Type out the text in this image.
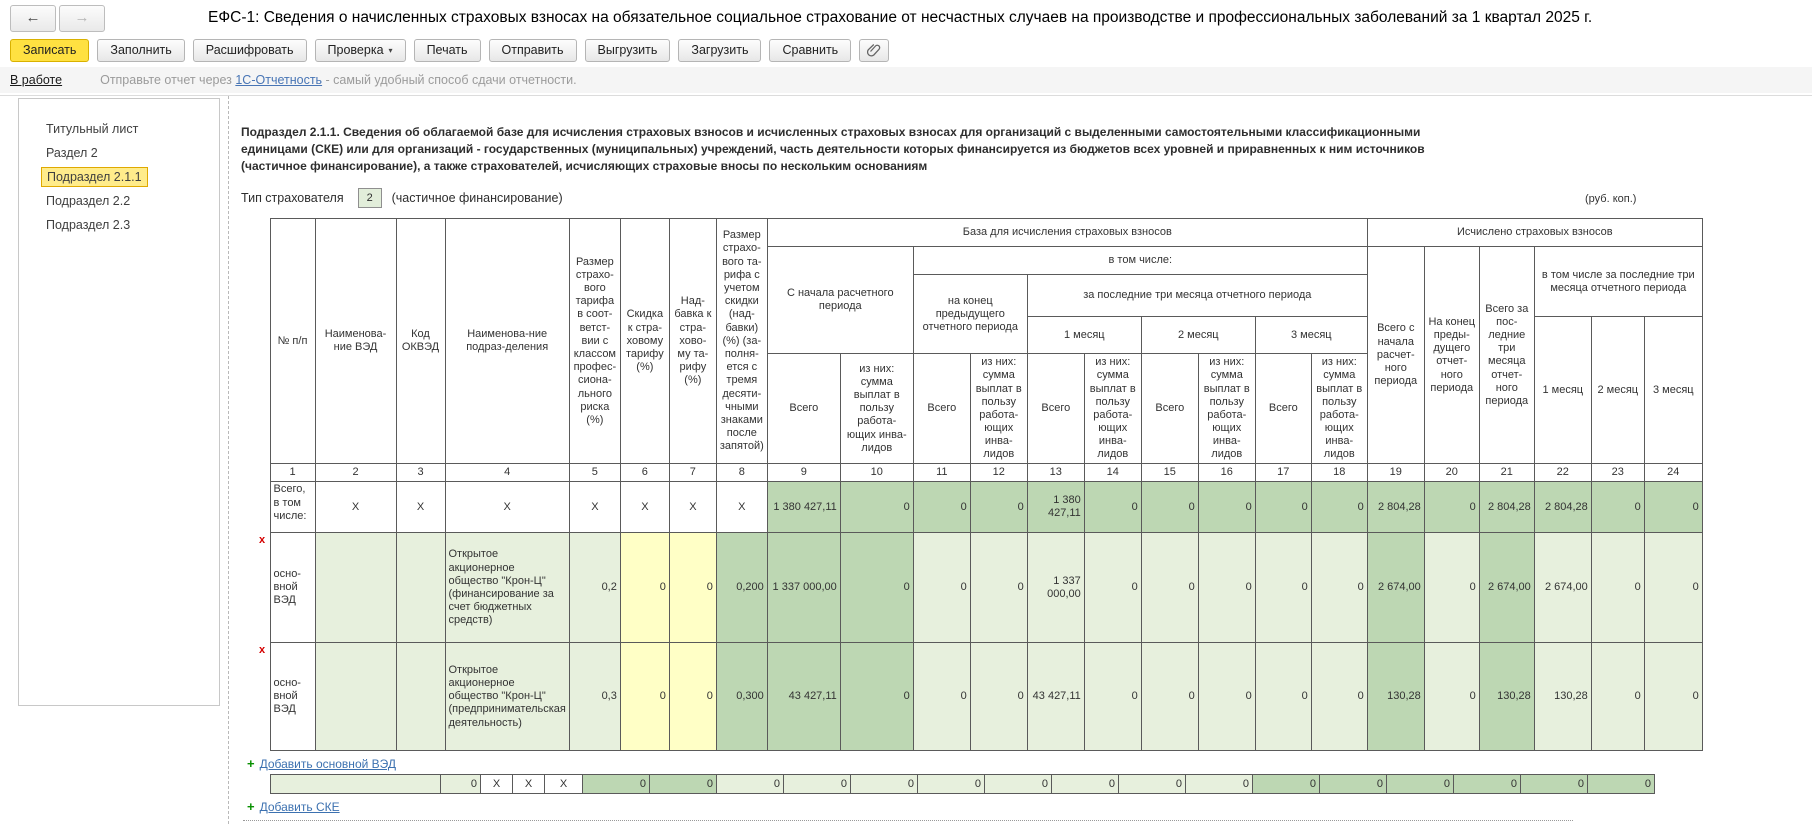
←	→	ЕФС-1: Сведения о начисленных страховых взносах на обязательное социальное страхование от несчастных случаев на производстве и профессиональных заболеваний за 1 квартал 2025 г.
Записать	Заполнить	Расшифровать	Проверка ▾	Печать	Отправить	Выгрузить	Загрузить	Сравнить
В работе	Отправьте отчет через 1С-Отчетность - самый удобный способ сдачи отчетности.
Титульный лист
Раздел 2
Подраздел 2.1.1
Подраздел 2.2
Подраздел 2.3
Подраздел 2.1.1. Сведения об облагаемой базе для исчисления страховых взносов и исчисленных страховых взносах для организаций с выделенными самостоятельными классификационными единицами (СКЕ) или для организаций - государственных (муниципальных) учреждений, часть деятельности которых финансируется из бюджетов всех уровней и приравненных к ним источников (частичное финансирование), а также страхователей, исчисляющих страховые вносы по нескольким основаниям
Тип страхователя	2	(частичное финансирование)	(руб. коп.)
	№ п/п	Наименова-ние ВЭД	Код ОКВЭД	Наименова-ние подраз-деления	Размер страхо-вого тарифа в соот-ветст-вии с классом профес-сиона-льного риска (%)	Скидка к стра-ховому тарифу (%)	Над-бавка к стра-хово-му та-рифу (%)	Размер страхо-вого та-рифа с учетом скидки (над-бавки) (%) (за-полня-ется с тремя десяти-чными знаками после запятой)	База для исчисления страховых взносов										Исчислено страховых взносов					
									С начала расчетного периода		в том числе:								Всего с начала расчет-ного периода	На конец преды-дущего отчет-ного периода	Всего за пос-ледние три месяца отчет-ного периода	в том числе за последние три месяца отчетного периода		
											на конец предыдущего отчетного периода		за последние три месяца отчетного периода											
													1 месяц		2 месяц		3 месяц					1 месяц	2 месяц	3 месяц
									Всего	из них: сумма выплат в пользу работа-ющих инва-лидов	Всего	из них: сумма выплат в пользу работа-ющих инва-лидов	Всего	из них: сумма выплат в пользу работа-ющих инва-лидов	Всего	из них: сумма выплат в пользу работа-ющих инва-лидов	Всего	из них: сумма выплат в пользу работа-ющих инва-лидов						
	1	2	3	4	5	6	7	8	9	10	11	12	13	14	15	16	17	18	19	20	21	22	23	24
	Всего, в том числе:	Х	Х	Х	Х	Х	Х	Х	1 380 427,11	0	0	0	1 380 427,11	0	0	0	0	0	2 804,28	0	2 804,28	2 804,28	0	0
x	осно-вной ВЭД			Открытое акционерное общество "Крон-Ц"(финансирование за счет бюджетных средств)	0,2	0	0	0,200	1 337 000,00	0	0	0	1 337 000,00	0	0	0	0	0	2 674,00	0	2 674,00	2 674,00	0	0
x	осно-вной ВЭД			Открытое акционерное общество "Крон-Ц"(предпринимательская деятельность)	0,3	0	0	0,300	43 427,11	0	0	0	43 427,11	0	0	0	0	0	130,28	0	130,28	130,28	0	0
+ Добавить основной ВЭД
		0	Х	Х	Х	0	0	0	0	0	0	0	0	0	0	0	0	0	0	0	0
+ Добавить СКЕ
